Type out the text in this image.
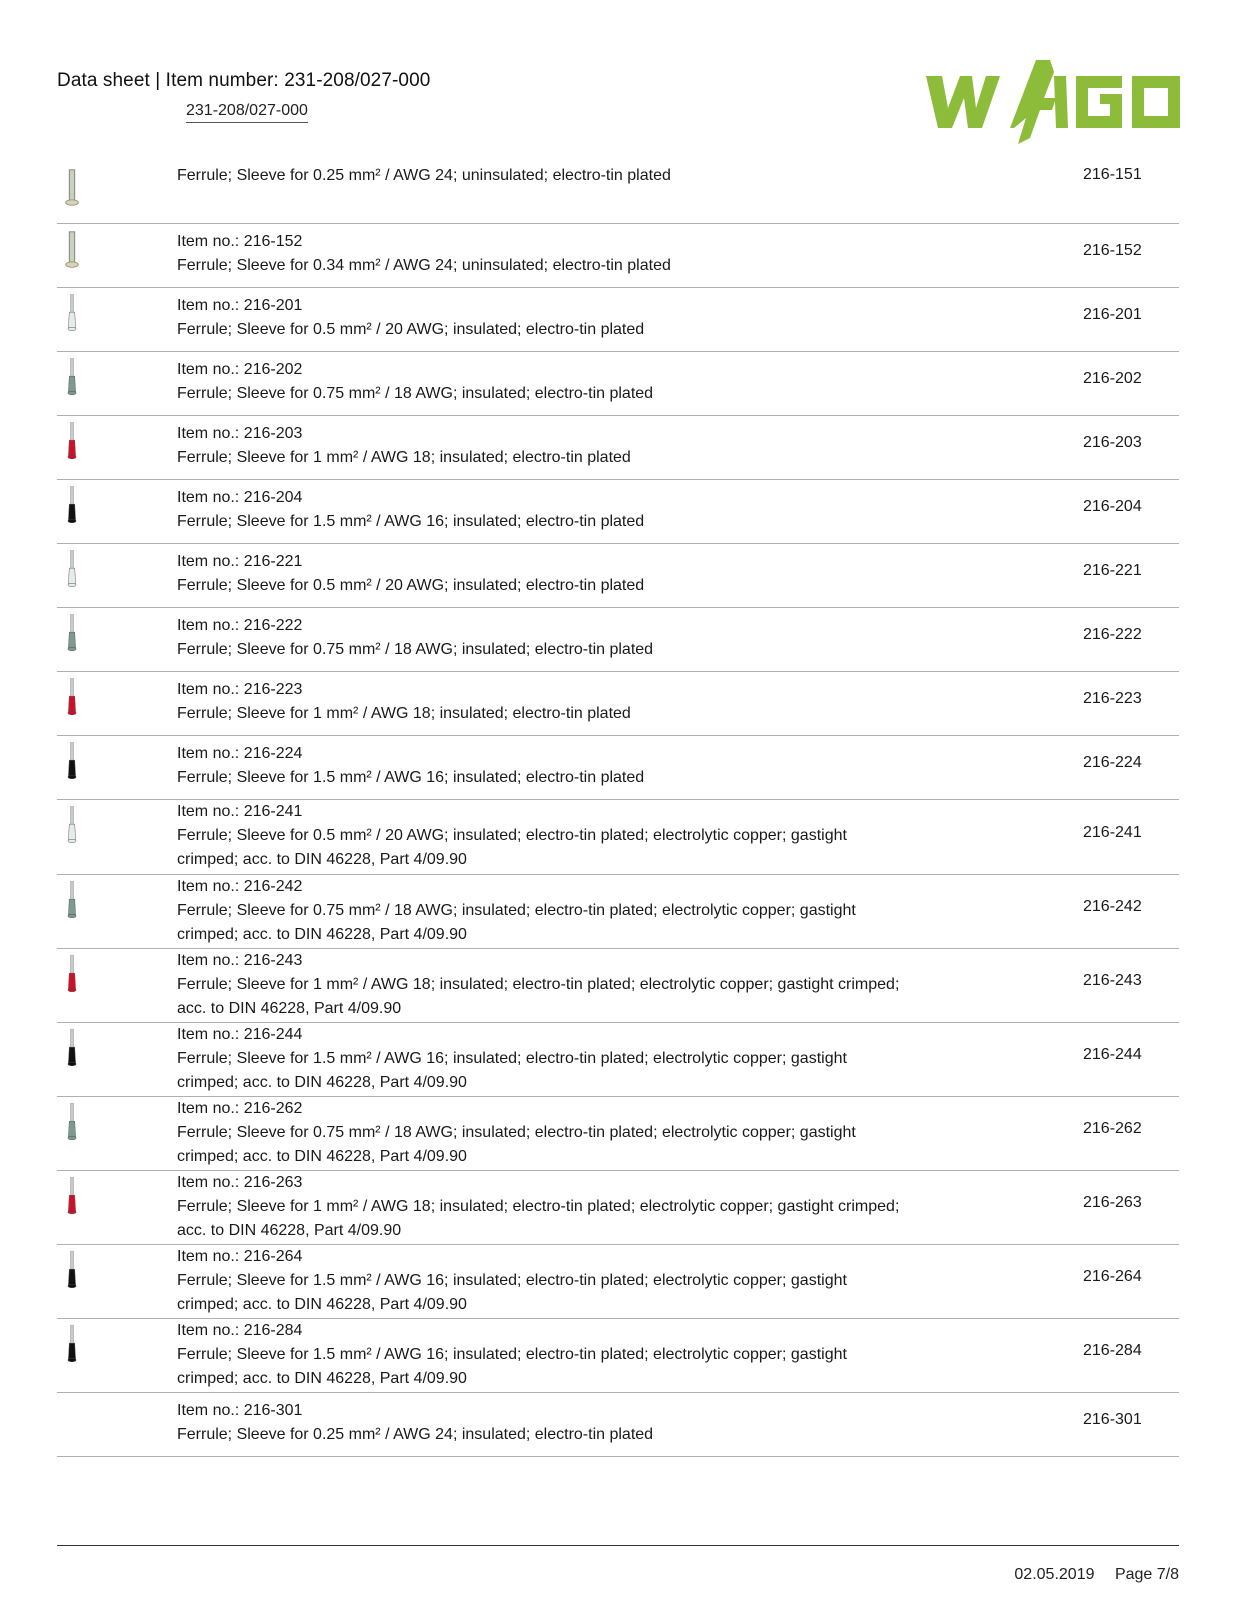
Data sheet | Item number: 231-208/027-000
231-208/027-000
Ferrule; Sleeve for 0.25 mm² / AWG 24; uninsulated; electro-tin plated	216-151
Item no.: 216-152
Ferrule; Sleeve for 0.34 mm² / AWG 24; uninsulated; electro-tin plated
216-152
Item no.: 216-201
Ferrule; Sleeve for 0.5 mm² / 20 AWG; insulated; electro-tin plated
216-201
Item no.: 216-202
Ferrule; Sleeve for 0.75 mm² / 18 AWG; insulated; electro-tin plated
216-202
Item no.: 216-203
Ferrule; Sleeve for 1 mm² / AWG 18; insulated; electro-tin plated
216-203
Item no.: 216-204
Ferrule; Sleeve for 1.5 mm² / AWG 16; insulated; electro-tin plated
216-204
Item no.: 216-221
Ferrule; Sleeve for 0.5 mm² / 20 AWG; insulated; electro-tin plated
216-221
Item no.: 216-222
Ferrule; Sleeve for 0.75 mm² / 18 AWG; insulated; electro-tin plated
216-222
Item no.: 216-223
Ferrule; Sleeve for 1 mm² / AWG 18; insulated; electro-tin plated
216-223
Item no.: 216-224
Ferrule; Sleeve for 1.5 mm² / AWG 16; insulated; electro-tin plated
216-224
Item no.: 216-241
Ferrule; Sleeve for 0.5 mm² / 20 AWG; insulated; electro-tin plated; electrolytic copper; gastight
crimped; acc. to DIN 46228, Part 4/09.90
216-241
Item no.: 216-242
Ferrule; Sleeve for 0.75 mm² / 18 AWG; insulated; electro-tin plated; electrolytic copper; gastight
crimped; acc. to DIN 46228, Part 4/09.90
216-242
Item no.: 216-243
Ferrule; Sleeve for 1 mm² / AWG 18; insulated; electro-tin plated; electrolytic copper; gastight crimped;
acc. to DIN 46228, Part 4/09.90
216-243
Item no.: 216-244
Ferrule; Sleeve for 1.5 mm² / AWG 16; insulated; electro-tin plated; electrolytic copper; gastight
crimped; acc. to DIN 46228, Part 4/09.90
216-244
Item no.: 216-262
Ferrule; Sleeve for 0.75 mm² / 18 AWG; insulated; electro-tin plated; electrolytic copper; gastight
crimped; acc. to DIN 46228, Part 4/09.90
216-262
Item no.: 216-263
Ferrule; Sleeve for 1 mm² / AWG 18; insulated; electro-tin plated; electrolytic copper; gastight crimped;
acc. to DIN 46228, Part 4/09.90
216-263
Item no.: 216-264
Ferrule; Sleeve for 1.5 mm² / AWG 16; insulated; electro-tin plated; electrolytic copper; gastight
crimped; acc. to DIN 46228, Part 4/09.90
216-264
Item no.: 216-284
Ferrule; Sleeve for 1.5 mm² / AWG 16; insulated; electro-tin plated; electrolytic copper; gastight
crimped; acc. to DIN 46228, Part 4/09.90
216-284
Item no.: 216-301
Ferrule; Sleeve for 0.25 mm² / AWG 24; insulated; electro-tin plated
216-301
02.05.2019 Page 7/8
